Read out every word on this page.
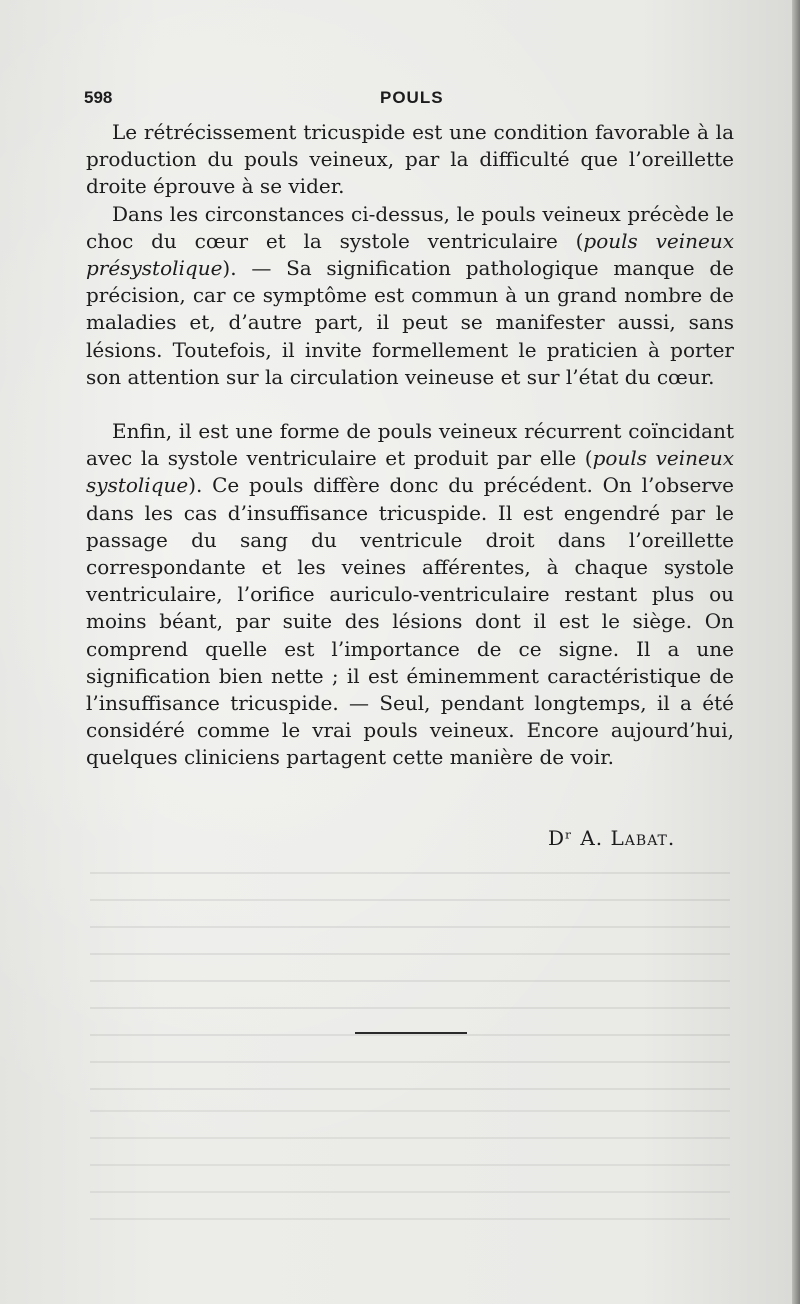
598	POULS

Le rétrécissement tricuspide est une condition favorable à la production du pouls veineux, par la difficulté que l’oreillette droite éprouve à se vider.

Dans les circonstances ci-dessus, le pouls veineux précède le choc du cœur et la systole ventriculaire (pouls veineux présystolique). — Sa signification pathologique manque de précision, car ce symptôme est commun à un grand nombre de maladies et, d’autre part, il peut se manifester aussi, sans lésions. Toutefois, il invite formellement le praticien à porter son attention sur la circulation veineuse et sur l’état du cœur.

Enfin, il est une forme de pouls veineux récurrent coïncidant avec la systole ventriculaire et produit par elle (pouls veineux systolique). Ce pouls diffère donc du précédent. On l’observe dans les cas d’insuffisance tricuspide. Il est engendré par le passage du sang du ventricule droit dans l’oreillette correspondante et les veines afférentes, à chaque systole ventriculaire, l’orifice auriculo-ventriculaire restant plus ou moins béant, par suite des lésions dont il est le siège. On comprend quelle est l’importance de ce signe. Il a une signification bien nette ; il est éminemment caractéristique de l’insuffisance tricuspide. — Seul, pendant longtemps, il a été considéré comme le vrai pouls veineux. Encore aujourd’hui, quelques cliniciens partagent cette manière de voir.

Dʳ A. Labat.
